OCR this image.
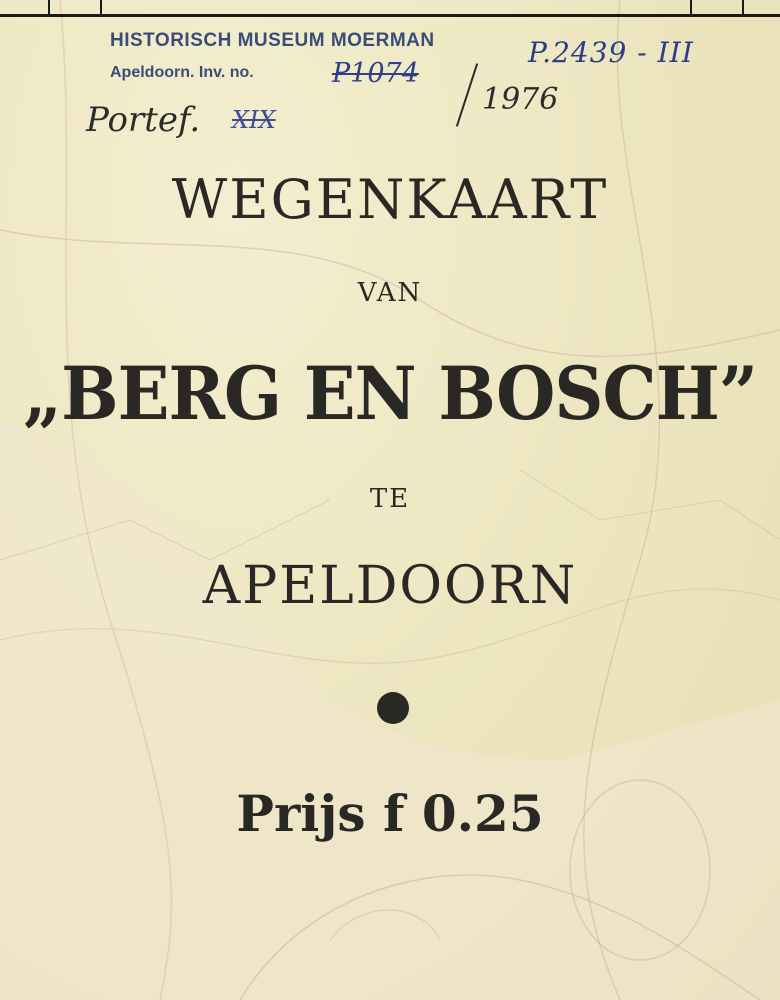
HISTORISCH MUSEUM MOERMAN
Apeldoorn. Inv. no.
P.2439 - III
P1074
1976
Portef. XIX
WEGENKAART
VAN
„BERG EN BOSCH”
TE
APELDOORN
Prijs f 0.25
